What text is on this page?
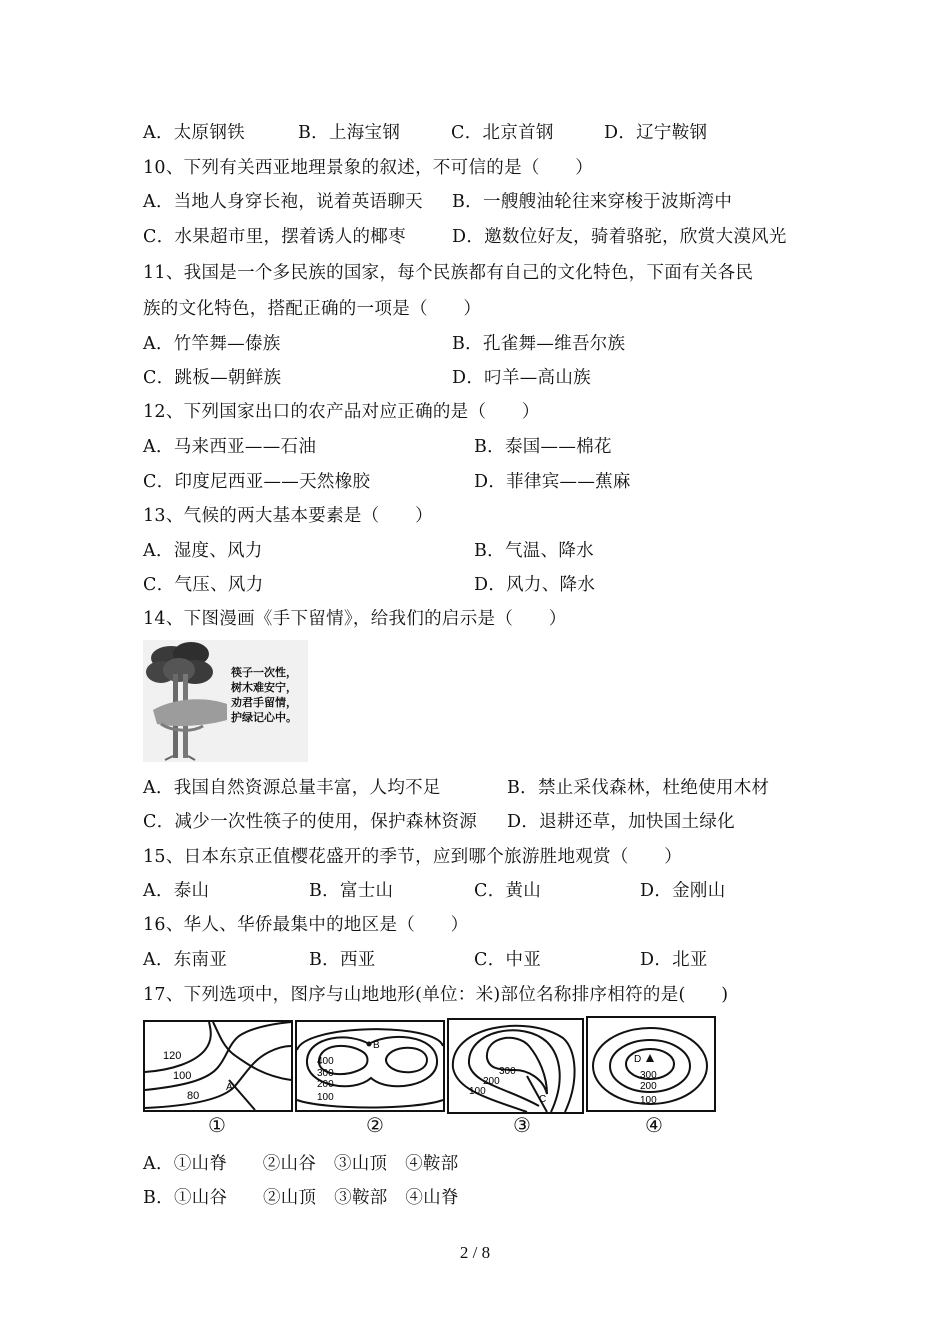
A．太原钢铁	B．上海宝钢	C．北京首钢	D．辽宁鞍钢
10、下列有关西亚地理景象的叙述，不可信的是（　　）
A．当地人身穿长袍，说着英语聊天 B．一艘艘油轮往来穿梭于波斯湾中
C．水果超市里，摆着诱人的椰枣	D．邀数位好友，骑着骆驼，欣赏大漠风光
11、我国是一个多民族的国家，每个民族都有自己的文化特色，下面有关各民
族的文化特色，搭配正确的一项是（　　）
A．竹竿舞—傣族	B．孔雀舞—维吾尔族
C．跳板—朝鲜族	D．叼羊—高山族
12、下列国家出口的农产品对应正确的是（　　）
A．马来西亚——石油	B．泰国——棉花
C．印度尼西亚——天然橡胶	D．菲律宾——蕉麻
13、气候的两大基本要素是（　　）
A．湿度、风力	B．气温、降水
C．气压、风力	D．风力、降水
14、下图漫画《手下留情》，给我们的启示是（　　）
筷子一次性，
树木难安宁，
劝君手留情，
护绿记心中。
A．我国自然资源总量丰富，人均不足	B．禁止采伐森林，杜绝使用木材
C．减少一次性筷子的使用，保护森林资源 D．退耕还草，加快国土绿化
15、日本东京正值樱花盛开的季节，应到哪个旅游胜地观赏（　　）
A．泰山	B．富士山	C．黄山	D．金刚山
16、华人、华侨最集中的地区是（　　）
A．东南亚	B．西亚	C．中亚	D．北亚
17、下列选项中，图序与山地地形(单位：米)部位名称排序相符的是(　　)
120
100
80
A
B
400
300
200
100
300
200
100
C
D
300
200
100
①	②	③	④
A．①山脊　　②山谷　③山顶　④鞍部
B．①山谷　　②山顶　③鞍部　④山脊
2 / 8
